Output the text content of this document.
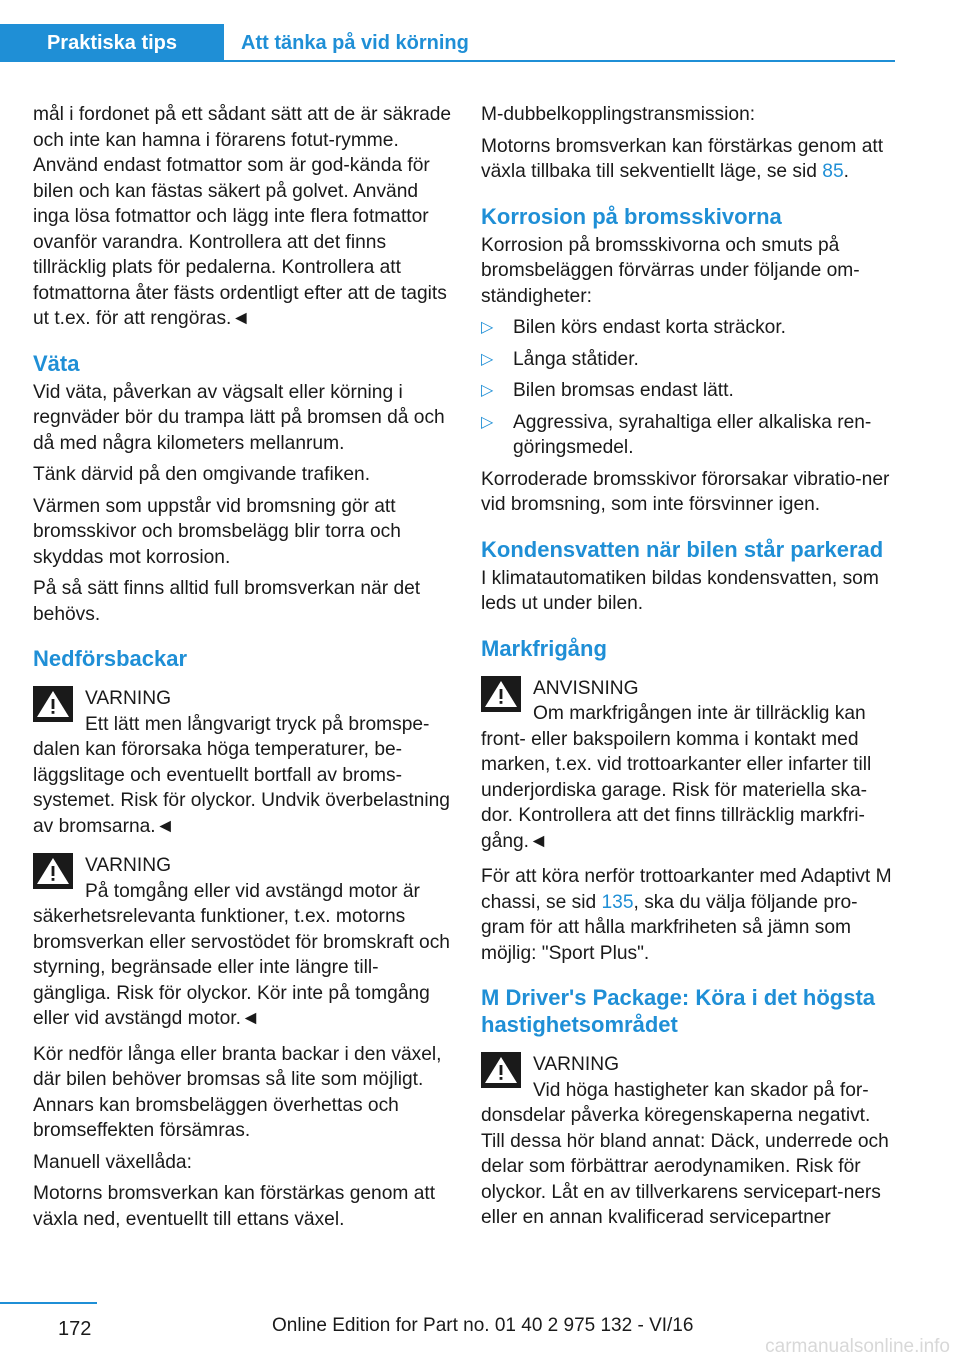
Praktiska tips	Att tänka på vid körning

mål i fordonet på ett sådant sätt att de är säkrade och inte kan hamna i förarens fotut-rymme. Använd endast fotmattor som är god-kända för bilen och kan fästas säkert på golvet. Använd inga lösa fotmattor och lägg inte flera fotmattor ovanför varandra. Kontrollera att det finns tillräcklig plats för pedalerna. Kontrollera att fotmattorna åter fästs ordentligt efter att de tagits ut t.ex. för att rengöras.◄

Väta

Vid väta, påverkan av vägsalt eller körning i regnväder bör du trampa lätt på bromsen då och då med några kilometers mellanrum.

Tänk därvid på den omgivande trafiken.

Värmen som uppstår vid bromsning gör att bromsskivor och bromsbelägg blir torra och skyddas mot korrosion.

På så sätt finns alltid full bromsverkan när det behövs.

Nedförsbackar
VARNING
Ett lätt men långvarigt tryck på bromspe-dalen kan förorsaka höga temperaturer, be-läggslitage och eventuellt bortfall av broms-systemet. Risk för olyckor. Undvik överbelastning av bromsarna.◄
VARNING
På tomgång eller vid avstängd motor är säkerhetsrelevanta funktioner, t.ex. motorns bromsverkan eller servostödet för bromskraft och styrning, begränsade eller inte längre till-gängliga. Risk för olyckor. Kör inte på tomgång eller vid avstängd motor.◄

Kör nedför långa eller branta backar i den växel, där bilen behöver bromsas så lite som möjligt. Annars kan bromsbeläggen överhettas och bromseffekten försämras.

Manuell växellåda:

Motorns bromsverkan kan förstärkas genom att växla ned, eventuellt till ettans växel.

M-dubbelkopplingstransmission:

Motorns bromsverkan kan förstärkas genom att växla tillbaka till sekventiellt läge, se sid 85.

Korrosion på bromsskivorna

Korrosion på bromsskivorna och smuts på bromsbeläggen förvärras under följande om-ständigheter:

▷ Bilen körs endast korta sträckor.
▷ Långa ståtider.
▷ Bilen bromsas endast lätt.
▷ Aggressiva, syrahaltiga eller alkaliska ren-göringsmedel.

Korroderade bromsskivor förorsakar vibratio-ner vid bromsning, som inte försvinner igen.

Kondensvatten när bilen står parkerad

I klimatautomatiken bildas kondensvatten, som leds ut under bilen.

Markfrigång
ANVISNING
Om markfrigången inte är tillräcklig kan front- eller bakspoilern komma i kontakt med marken, t.ex. vid trottoarkanter eller infarter till underjordiska garage. Risk för materiella ska-dor. Kontrollera att det finns tillräcklig markfri-gång.◄

För att köra nerför trottoarkanter med Adaptivt M chassi, se sid 135, ska du välja följande pro-gram för att hålla markfriheten så jämn som möjlig: "Sport Plus".

M Driver's Package: Köra i det högsta hastighetsområdet
VARNING
Vid höga hastigheter kan skador på for-donsdelar påverka köregenskaperna negativt. Till dessa hör bland annat: Däck, underrede och delar som förbättrar aerodynamiken. Risk för olyckor. Låt en av tillverkarens servicepart-ners eller en annan kvalificerad servicepartner
172	Online Edition for Part no. 01 40 2 975 132 - VI/16
carmanualsonline.info
